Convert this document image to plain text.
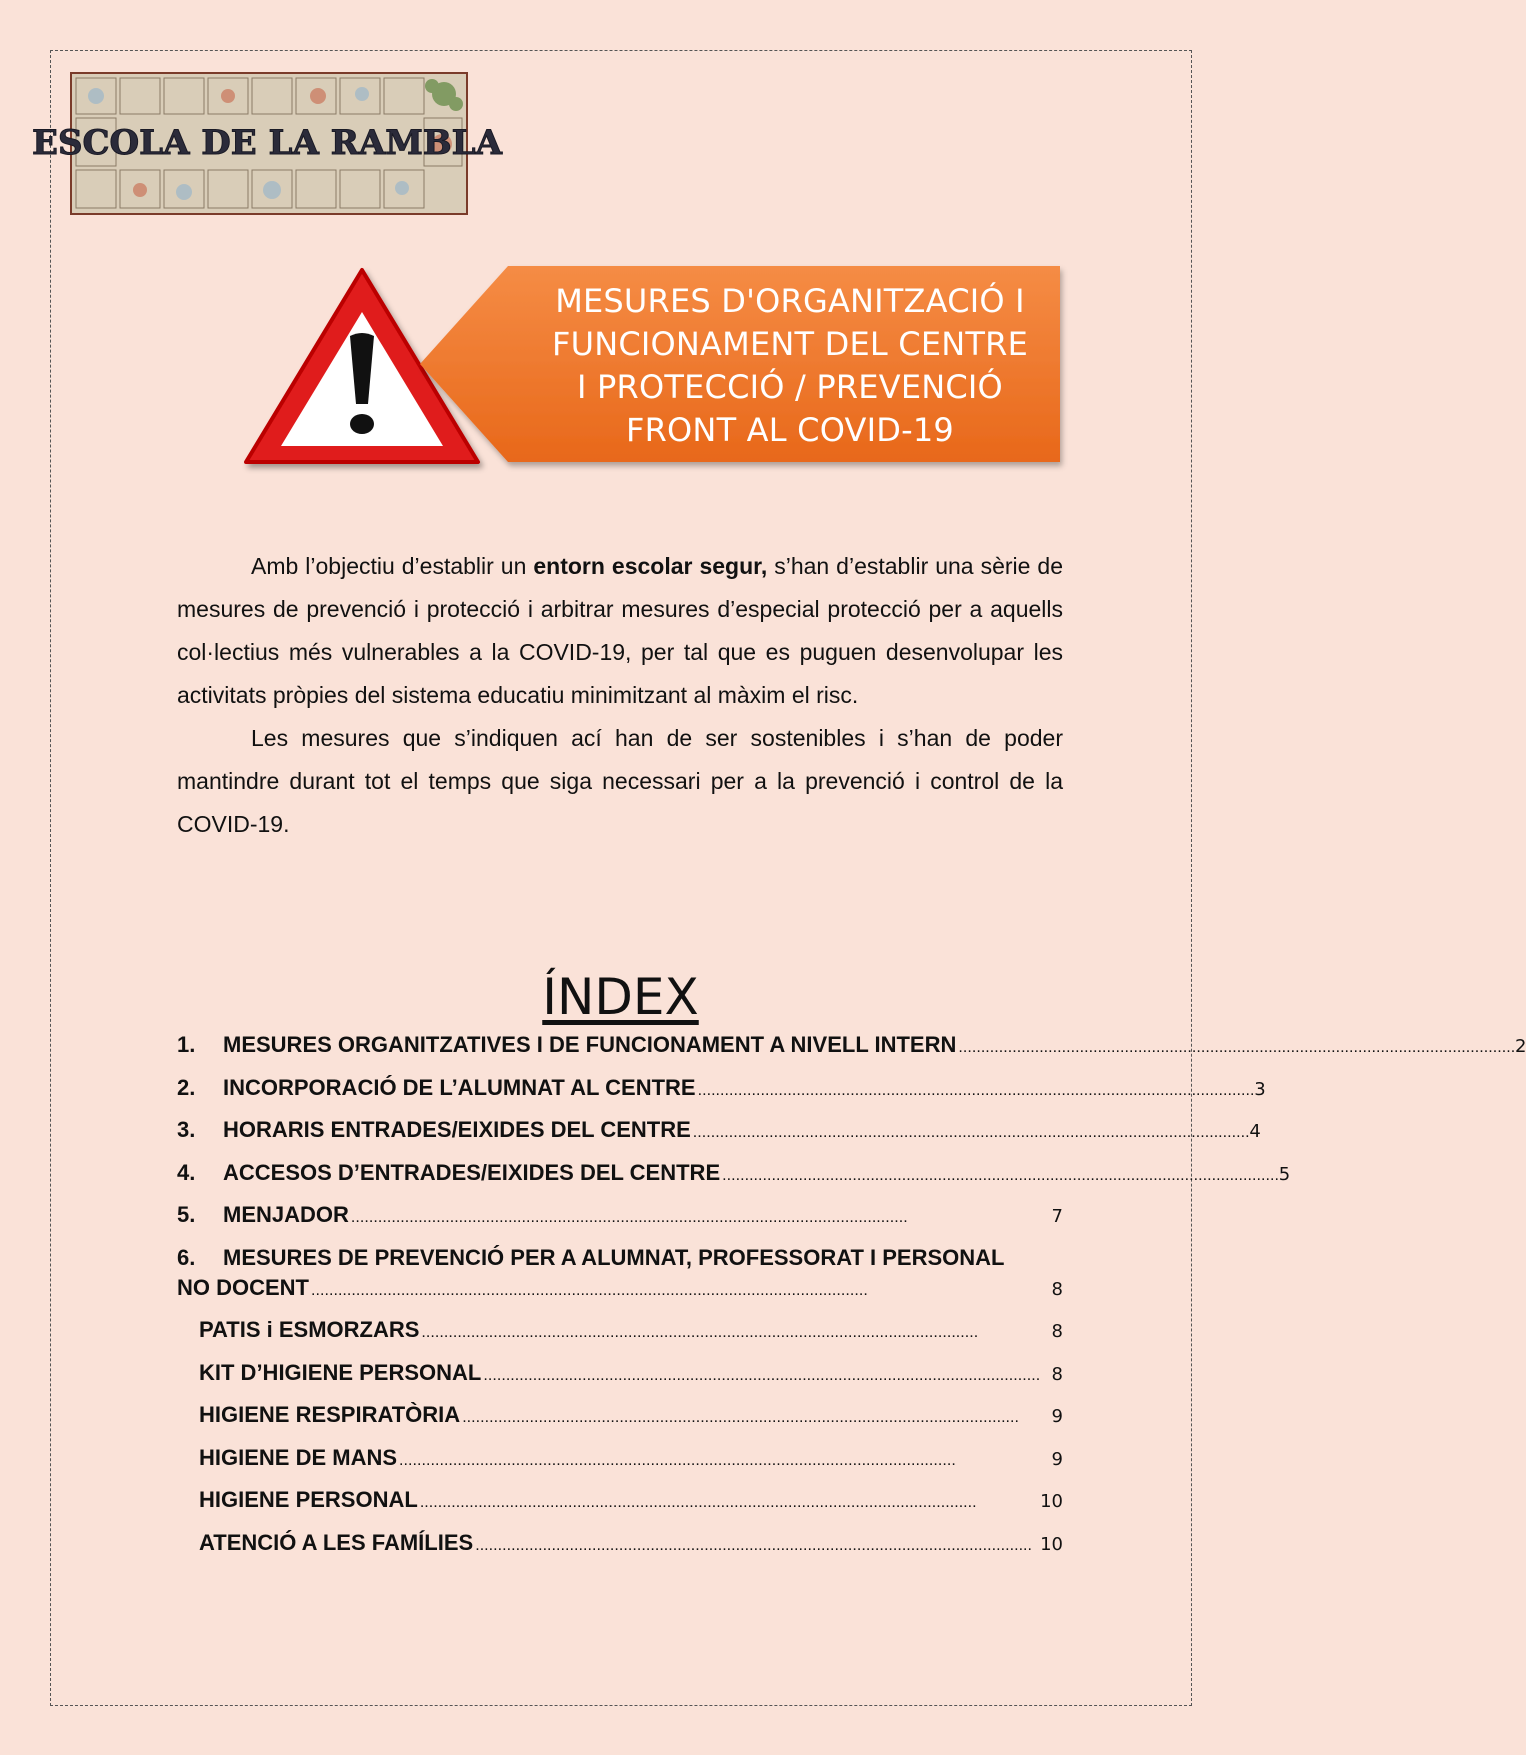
ESCOLA DE LA RAMBLA
MESURES D'ORGANITZACIÓ I
FUNCIONAMENT DEL CENTRE
I PROTECCIÓ / PREVENCIÓ
FRONT AL COVID-19

Amb l’objectiu d’establir un entorn escolar segur, s’han d’establir una sèrie de mesures de prevenció i protecció i arbitrar mesures d’especial protecció per a aquells col·lectius més vulnerables a la COVID-19, per tal que es puguen desenvolupar les activitats pròpies del sistema educatiu minimitzant al màxim el risc.

Les mesures que s’indiquen ací han de ser sostenibles i s’han de poder mantindre durant tot el temps que siga necessari per a la prevenció i control de la COVID-19.

ÍNDEX
1.	MESURES ORGANITZATIVES I DE FUNCIONAMENT A NIVELL INTERN . . .	2
2.	INCORPORACIÓ DE L’ALUMNAT AL CENTRE . . .	3
3.	HORARIS ENTRADES/EIXIDES DEL CENTRE . . .	4
4.	ACCESOS D’ENTRADES/EIXIDES DEL CENTRE . . .	5
5.	MENJADOR . . .	7
6.	MESURES DE PREVENCIÓ PER A ALUMNAT, PROFESSORAT I PERSONAL
NO DOCENT . . .	8
PATIS i ESMORZARS . . .	8
KIT D’HIGIENE PERSONAL . . .	8
HIGIENE RESPIRATÒRIA . . .	9
HIGIENE DE MANS . . .	9
HIGIENE PERSONAL . . .	10
ATENCIÓ A LES FAMÍLIES . . .	10
